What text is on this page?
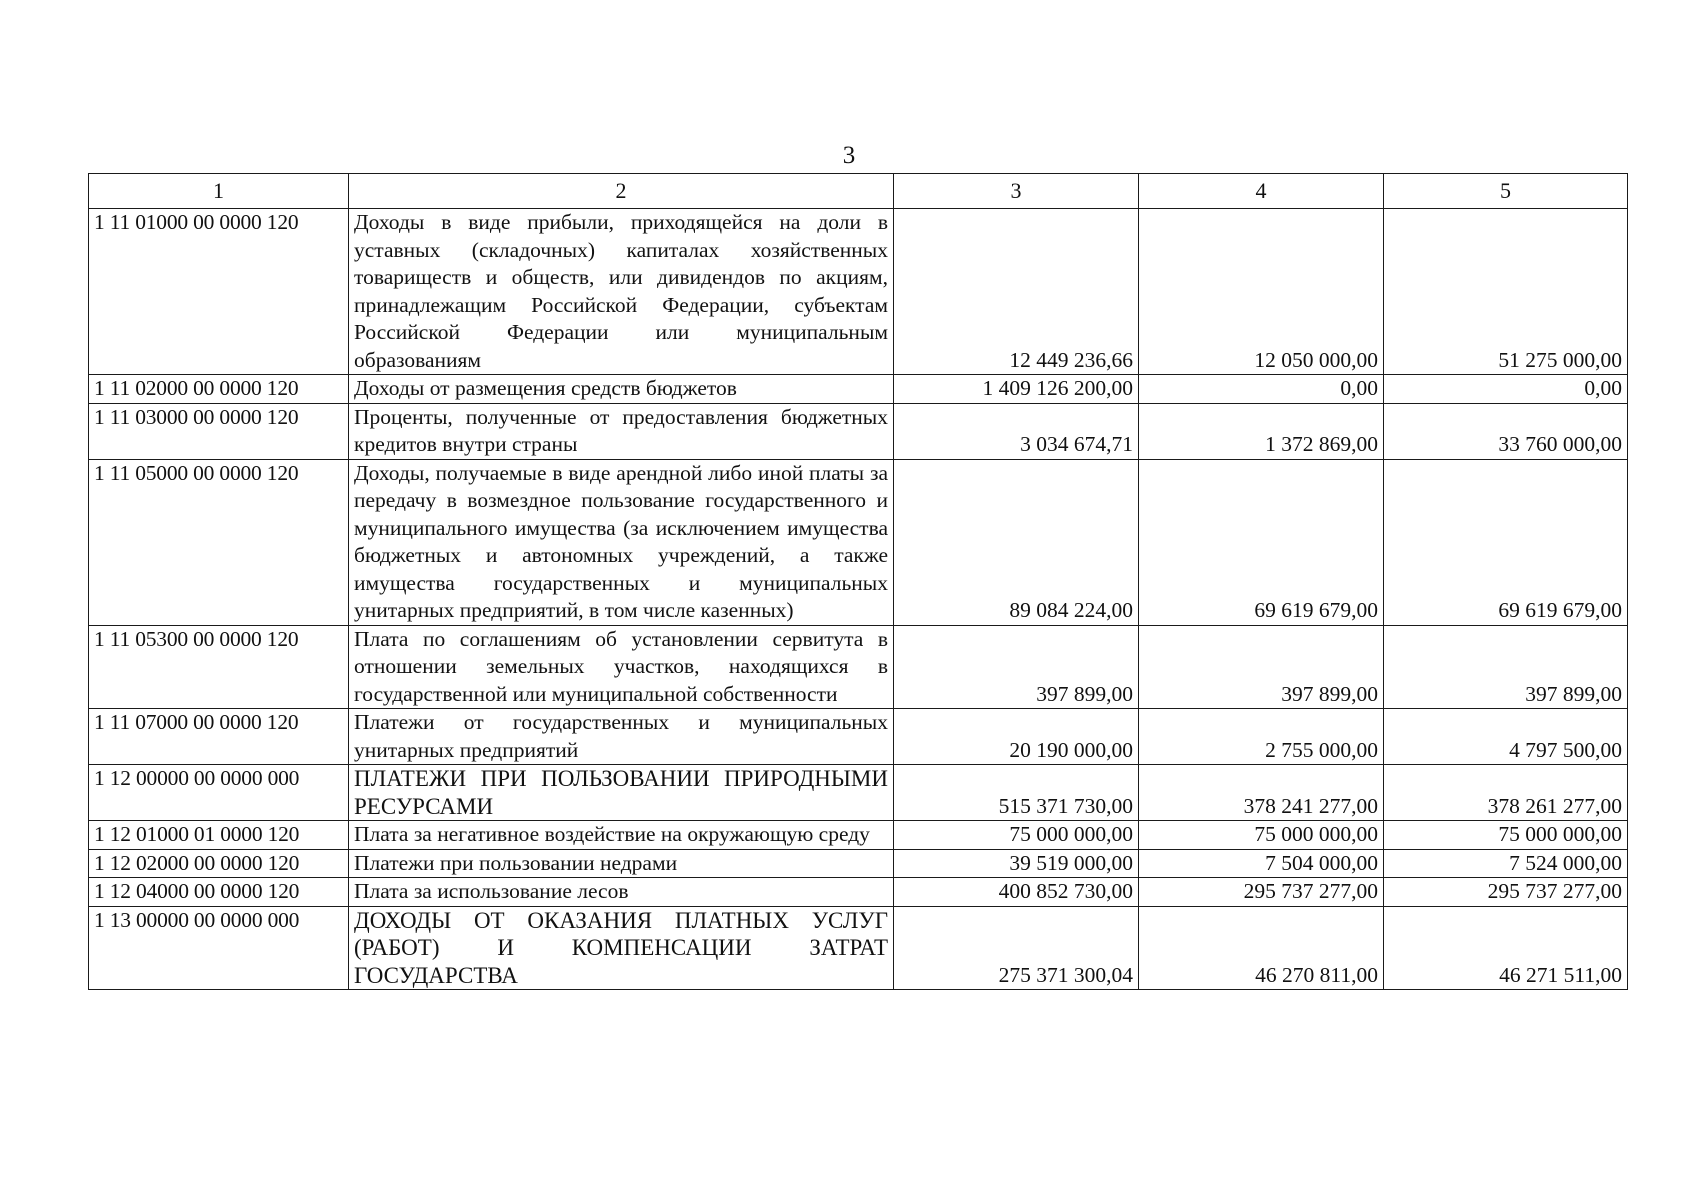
3
1	2	3	4	5
1 11 01000 00 0000 120	Доходы в виде прибыли, приходящейся на доли в уставных (складочных) капиталах хозяйственных товариществ и обществ, или дивидендов по акциям, принадлежащим Российской Федерации, субъектам Российской Федерации или муниципальным образованиям	12 449 236,66	12 050 000,00	51 275 000,00
1 11 02000 00 0000 120	Доходы от размещения средств бюджетов	1 409 126 200,00	0,00	0,00
1 11 03000 00 0000 120	Проценты, полученные от предоставления бюджетных кредитов внутри страны	3 034 674,71	1 372 869,00	33 760 000,00
1 11 05000 00 0000 120	Доходы, получаемые в виде арендной либо иной платы за передачу в возмездное пользование государственного и муниципального имущества (за исключением имущества бюджетных и автономных учреждений, а также имущества государственных и муниципальных унитарных предприятий, в том числе казенных)	89 084 224,00	69 619 679,00	69 619 679,00
1 11 05300 00 0000 120	Плата по соглашениям об установлении сервитута в отношении земельных участков, находящихся в государственной или муниципальной собственности	397 899,00	397 899,00	397 899,00
1 11 07000 00 0000 120	Платежи от государственных и муниципальных унитарных предприятий	20 190 000,00	2 755 000,00	4 797 500,00
1 12 00000 00 0000 000	ПЛАТЕЖИ ПРИ ПОЛЬЗОВАНИИ ПРИРОДНЫМИ РЕСУРСАМИ	515 371 730,00	378 241 277,00	378 261 277,00
1 12 01000 01 0000 120	Плата за негативное воздействие на окружающую среду	75 000 000,00	75 000 000,00	75 000 000,00
1 12 02000 00 0000 120	Платежи при пользовании недрами	39 519 000,00	7 504 000,00	7 524 000,00
1 12 04000 00 0000 120	Плата за использование лесов	400 852 730,00	295 737 277,00	295 737 277,00
1 13 00000 00 0000 000	ДОХОДЫ ОТ ОКАЗАНИЯ ПЛАТНЫХ УСЛУГ (РАБОТ) И КОМПЕНСАЦИИ ЗАТРАТ ГОСУДАРСТВА	275 371 300,04	46 270 811,00	46 271 511,00
